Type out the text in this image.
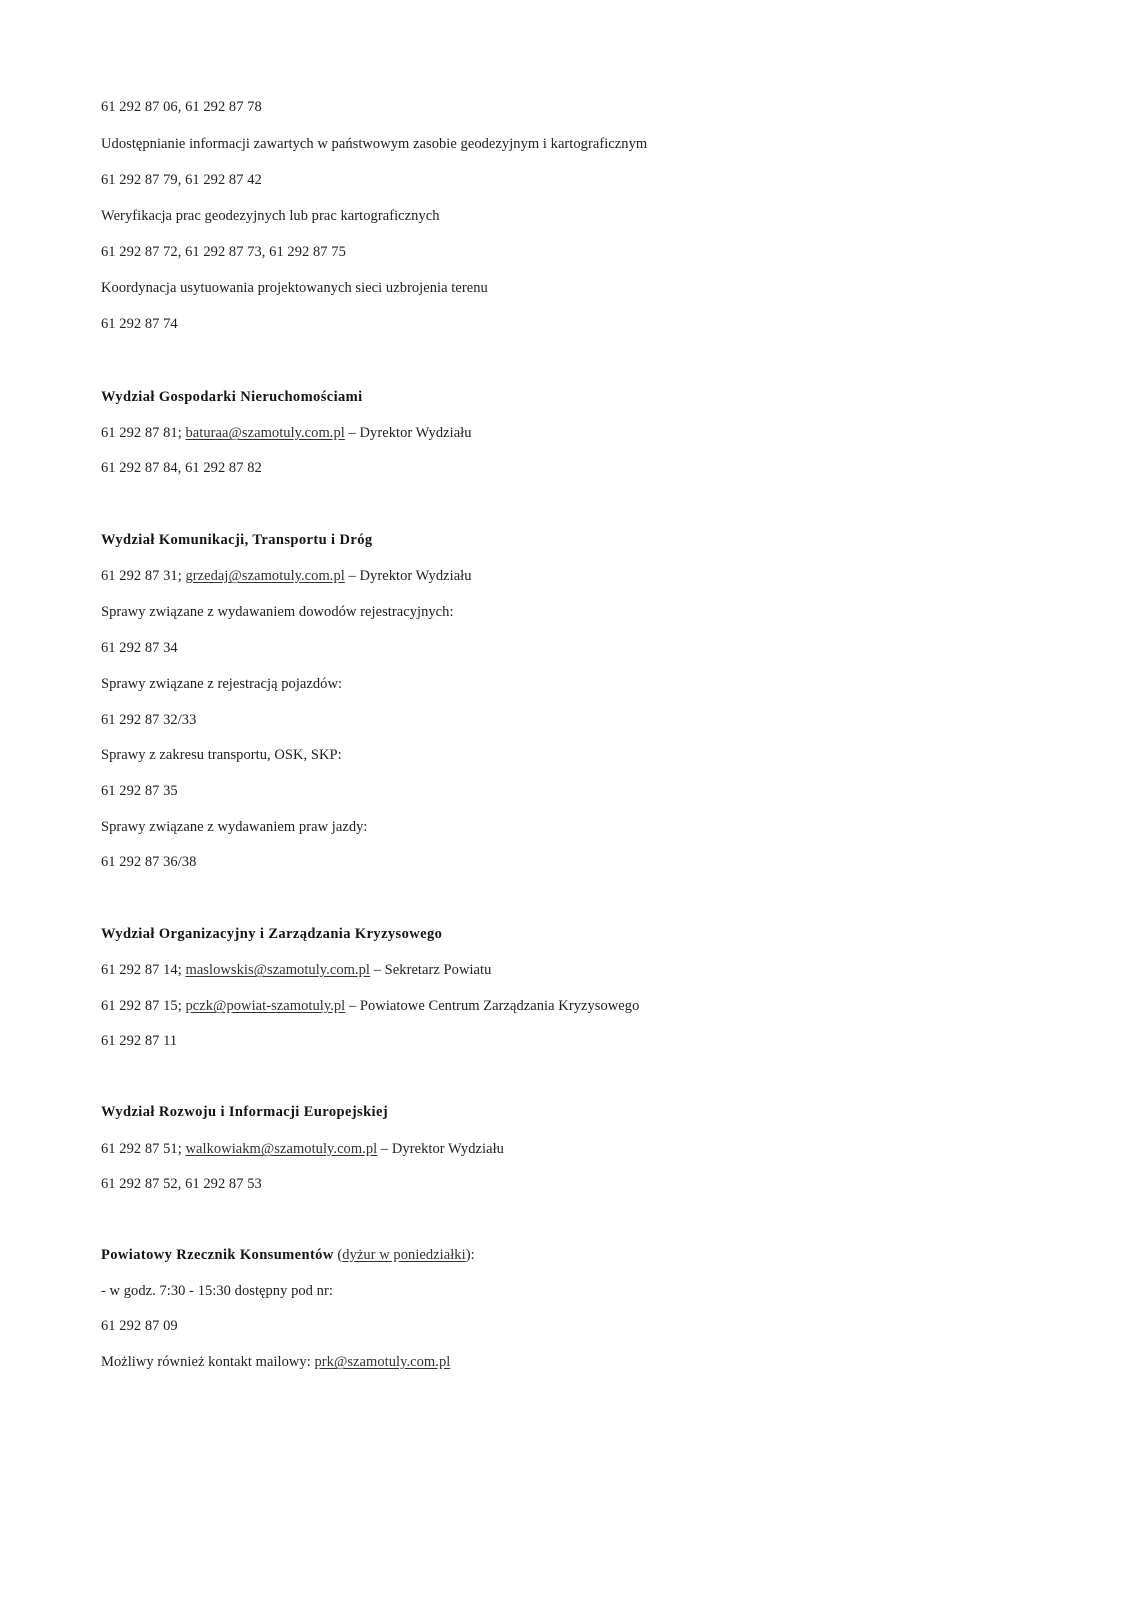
61 292 87 06, 61 292 87 78
Udostępnianie informacji zawartych w państwowym zasobie geodezyjnym i kartograficznym
61 292 87 79, 61 292 87 42
Weryfikacja prac geodezyjnych lub prac kartograficznych
61 292 87 72, 61 292 87 73, 61 292 87 75
Koordynacja usytuowania projektowanych sieci uzbrojenia terenu
61 292 87 74
Wydział Gospodarki Nieruchomościami
61 292 87 81; baturaa@szamotuly.com.pl – Dyrektor Wydziału
61 292 87 84, 61 292 87 82
Wydział Komunikacji, Transportu i Dróg
61 292 87 31; grzedaj@szamotuly.com.pl – Dyrektor Wydziału
Sprawy związane z wydawaniem dowodów rejestracyjnych:
61 292 87 34
Sprawy związane z rejestracją pojazdów:
61 292 87 32/33
Sprawy z zakresu transportu, OSK, SKP:
61 292 87 35
Sprawy związane z wydawaniem praw jazdy:
61 292 87 36/38
Wydział Organizacyjny i Zarządzania Kryzysowego
61 292 87 14; maslowskis@szamotuly.com.pl – Sekretarz Powiatu
61 292 87 15; pczk@powiat-szamotuly.pl – Powiatowe Centrum Zarządzania Kryzysowego
61 292 87 11
Wydział Rozwoju i Informacji Europejskiej
61 292 87 51; walkowiakm@szamotuly.com.pl – Dyrektor Wydziału
61 292 87 52, 61 292 87 53
Powiatowy Rzecznik Konsumentów (dyżur w poniedziałki):
- w godz. 7:30 - 15:30 dostępny pod nr:
61 292 87 09
Możliwy również kontakt mailowy: prk@szamotuly.com.pl
